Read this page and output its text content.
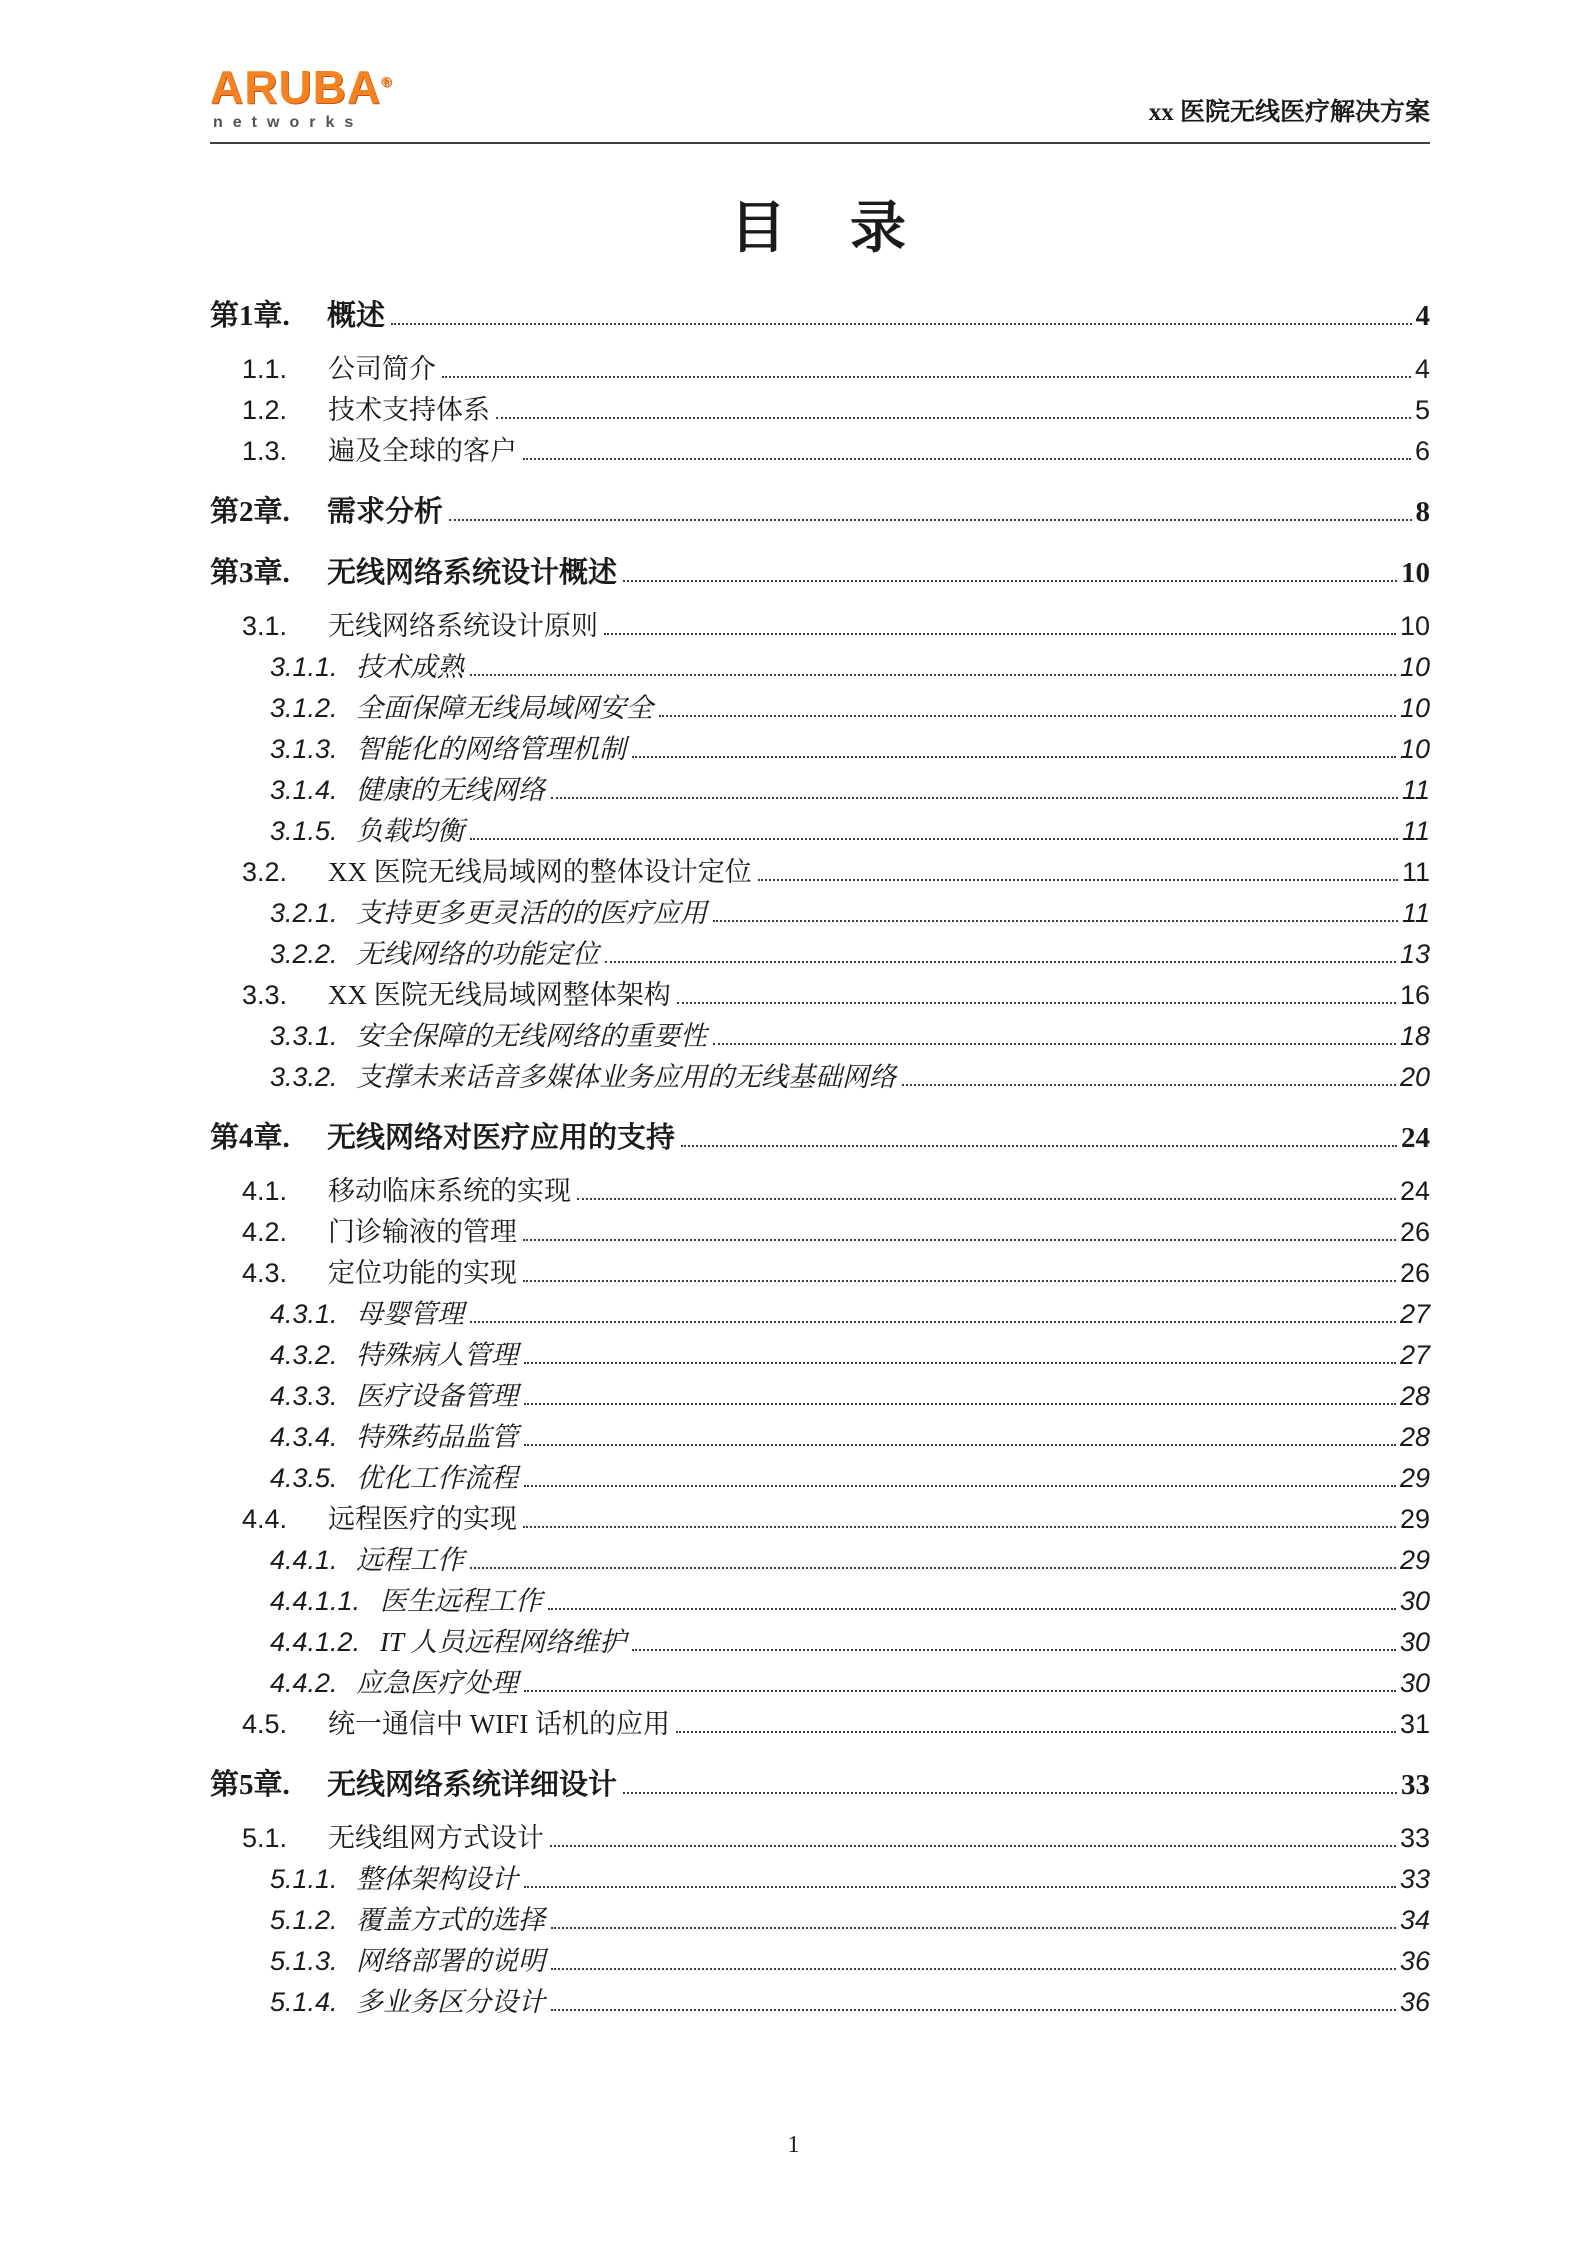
ARUBA®
networks	xx 医院无线医疗解决方案
目　录
第1章.	概述	4
1.1.	公司简介	4
1.2.	技术支持体系	5
1.3.	遍及全球的客户	6
第2章.	需求分析	8
第3章.	无线网络系统设计概述	10
3.1.	无线网络系统设计原则	10
3.1.1. 技术成熟	10
3.1.2. 全面保障无线局域网安全	10
3.1.3. 智能化的网络管理机制	10
3.1.4. 健康的无线网络	11
3.1.5. 负载均衡	11
3.2.	XX 医院无线局域网的整体设计定位	11
3.2.1. 支持更多更灵活的的医疗应用	11
3.2.2. 无线网络的功能定位	13
3.3.	XX 医院无线局域网整体架构	16
3.3.1. 安全保障的无线网络的重要性	18
3.3.2. 支撑未来话音多媒体业务应用的无线基础网络	20
第4章.	无线网络对医疗应用的支持	24
4.1.	移动临床系统的实现	24
4.2.	门诊输液的管理	26
4.3.	定位功能的实现	26
4.3.1. 母婴管理	27
4.3.2. 特殊病人管理	27
4.3.3. 医疗设备管理	28
4.3.4. 特殊药品监管	28
4.3.5. 优化工作流程	29
4.4.	远程医疗的实现	29
4.4.1. 远程工作	29
4.4.1.1. 医生远程工作	30
4.4.1.2. IT 人员远程网络维护	30
4.4.2. 应急医疗处理	30
4.5.	统一通信中 WIFI 话机的应用	31
第5章.	无线网络系统详细设计	33
5.1.	无线组网方式设计	33
5.1.1. 整体架构设计	33
5.1.2. 覆盖方式的选择	34
5.1.3. 网络部署的说明	36
5.1.4. 多业务区分设计	36
1
